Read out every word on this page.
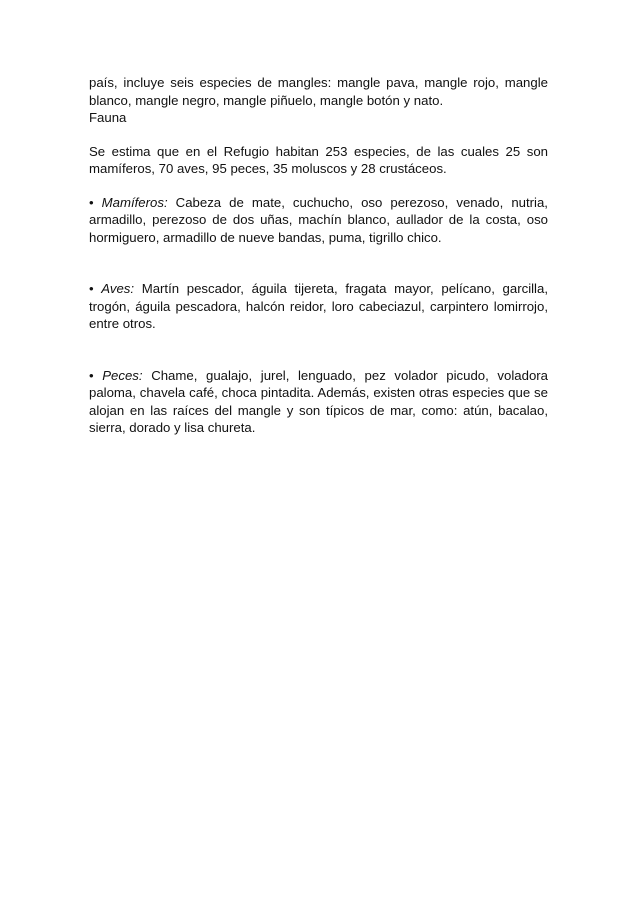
país, incluye seis especies de mangles: mangle pava, mangle rojo, mangle blanco, mangle negro, mangle piñuelo, mangle botón y nato.

Fauna

Se estima que en el Refugio habitan 253 especies, de las cuales 25 son mamíferos, 70 aves, 95 peces, 35 moluscos y 28 crustáceos.

• Mamíferos: Cabeza de mate, cuchucho, oso perezoso, venado, nutria, armadillo, perezoso de dos uñas, machín blanco, aullador de la costa, oso hormiguero, armadillo de nueve bandas, puma, tigrillo chico.

• Aves: Martín pescador, águila tijereta, fragata mayor, pelícano, garcilla, trogón, águila pescadora, halcón reidor, loro cabeciazul, carpintero lomirrojo, entre otros.

• Peces: Chame, gualajo, jurel, lenguado, pez volador picudo, voladora paloma, chavela café, choca pintadita. Además, existen otras especies que se alojan en las raíces del mangle y son típicos de mar, como: atún, bacalao, sierra, dorado y lisa chureta.
